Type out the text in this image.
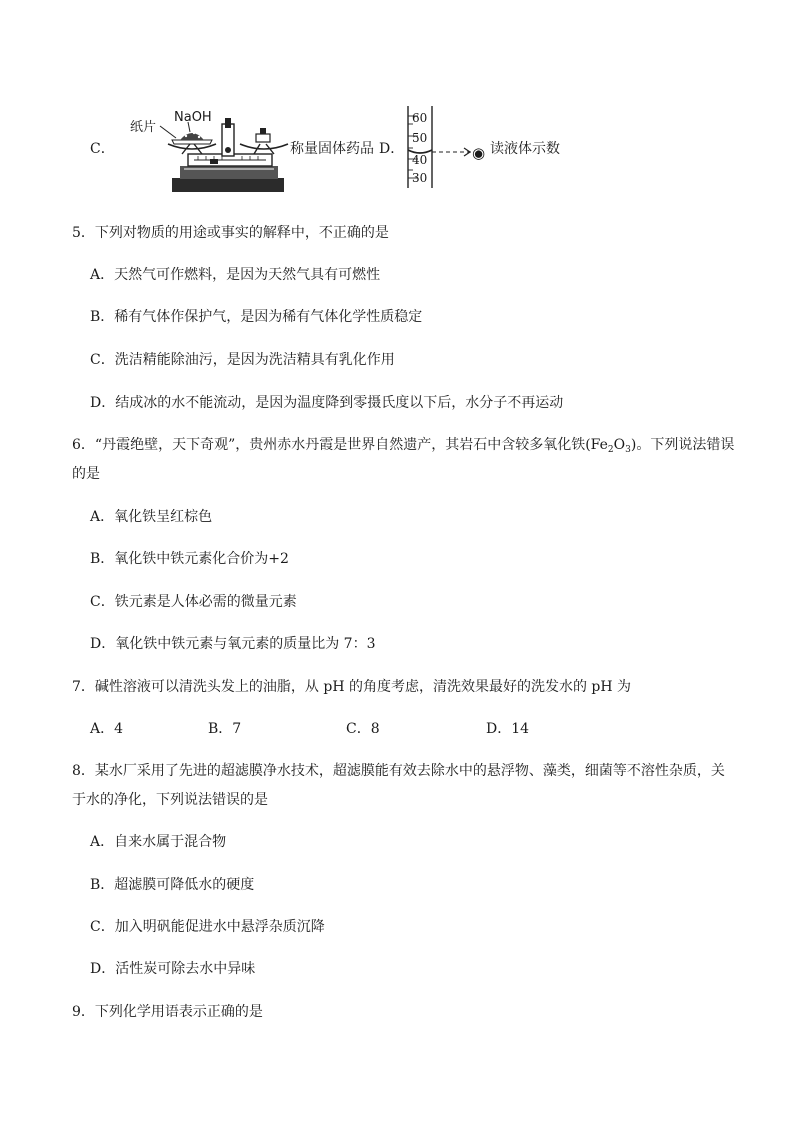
C．
纸片
NaOH
称量固体药品 D．
60
50
40
30
◉ 读液体示数
5．下列对物质的用途或事实的解释中，不正确的是
A．天然气可作燃料，是因为天然气具有可燃性
B．稀有气体作保护气，是因为稀有气体化学性质稳定
C．洗洁精能除油污，是因为洗洁精具有乳化作用
D．结成冰的水不能流动，是因为温度降到零摄氏度以下后，水分子不再运动
6．“丹霞绝壁，天下奇观”，贵州赤水丹霞是世界自然遗产，其岩石中含较多氧化铁$(Fe_2O_3)$。下列说法错误
的是
A．氧化铁呈红棕色
B．氧化铁中铁元素化合价为+2
C．铁元素是人体必需的微量元素
D．氧化铁中铁元素与氧元素的质量比为 7：3
7．碱性溶液可以清洗头发上的油脂，从 pH 的角度考虑，清洗效果最好的洗发水的 pH 为
A．4	B．7	C．8	D．14
8．某水厂采用了先进的超滤膜净水技术，超滤膜能有效去除水中的悬浮物、藻类，细菌等不溶性杂质，关
于水的净化，下列说法错误的是
A．自来水属于混合物
B．超滤膜可降低水的硬度
C．加入明矾能促进水中悬浮杂质沉降
D．活性炭可除去水中异味
9．下列化学用语表示正确的是
